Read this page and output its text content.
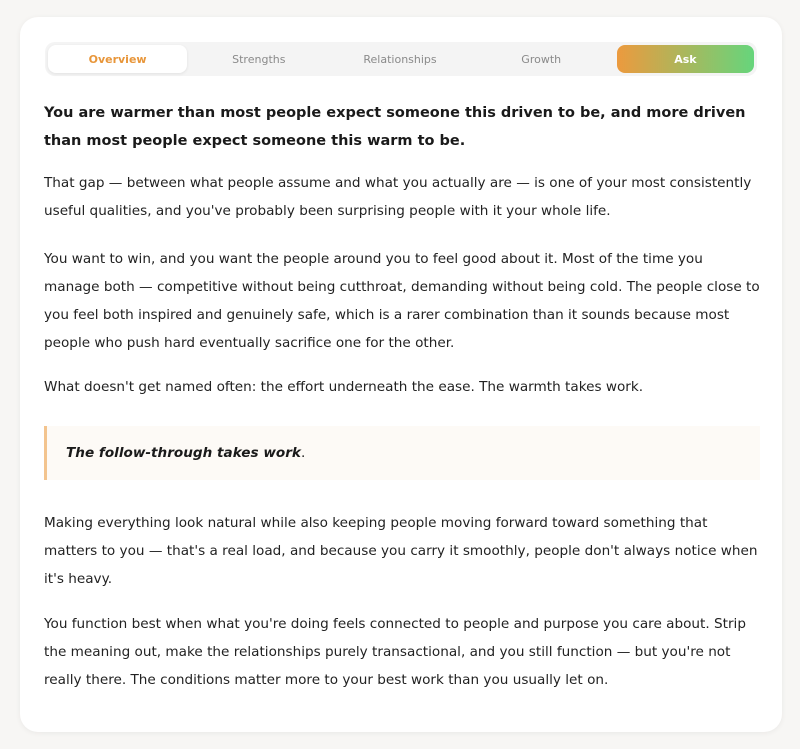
Overview	Strengths	Relationships	Growth	Ask

You are warmer than most people expect someone this driven to be, and more driven than most people expect someone this warm to be.

That gap — between what people assume and what you actually are — is one of your most consistently useful qualities, and you've probably been surprising people with it your whole life.

You want to win, and you want the people around you to feel good about it. Most of the time you manage both — competitive without being cutthroat, demanding without being cold. The people close to you feel both inspired and genuinely safe, which is a rarer combination than it sounds because most people who push hard eventually sacrifice one for the other.

What doesn't get named often: the effort underneath the ease. The warmth takes work.

The follow-through takes work.

Making everything look natural while also keeping people moving forward toward something that matters to you — that's a real load, and because you carry it smoothly, people don't always notice when it's heavy.

You function best when what you're doing feels connected to people and purpose you care about. Strip the meaning out, make the relationships purely transactional, and you still function — but you're not really there. The conditions matter more to your best work than you usually let on.
